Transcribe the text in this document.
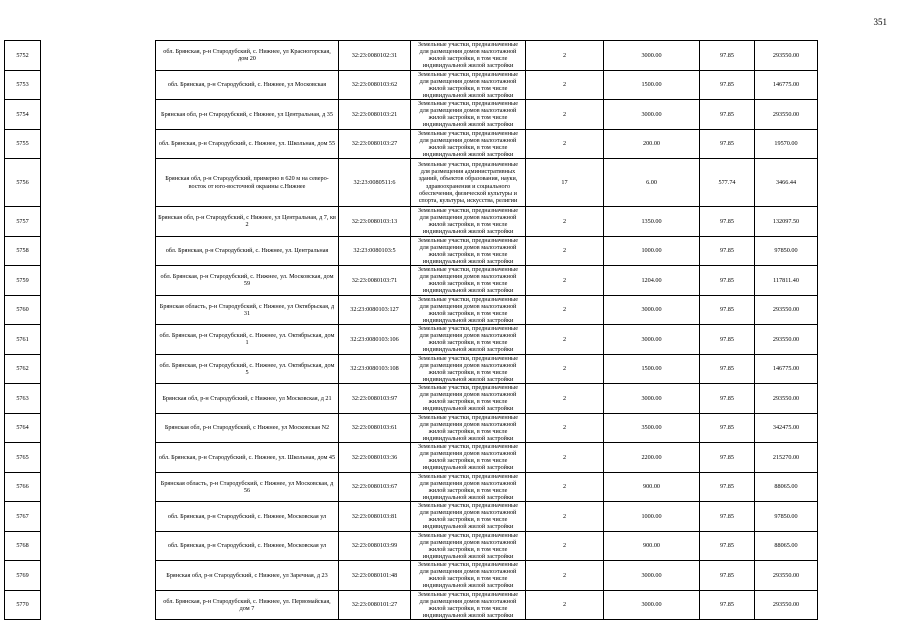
351
5752		обл. Брянская, р-н Стародубский, с. Нижнее, ул Красногорская, дом 20	32:23:0080102:31	Земельные участки, предназначенные для размещения домов малоэтажной жилой застройки, в том числе индивидуальной жилой застройки	2	3000.00	97.85	293550.00
5753		обл. Брянская, р-н Стародубский, с. Нижнее, ул Московская	32:23:0080103:62	Земельные участки, предназначенные для размещения домов малоэтажной жилой застройки, в том числе индивидуальной жилой застройки	2	1500.00	97.85	146775.00
5754		Брянская обл, р-н Стародубский, с Нижнее, ул Центральная, д 35	32:23:0080103:21	Земельные участки, предназначенные для размещения домов малоэтажной жилой застройки, в том числе индивидуальной жилой застройки	2	3000.00	97.85	293550.00
5755		обл. Брянская, р-н Стародубский, с. Нижнее, ул. Школьная, дом 55	32:23:0080103:27	Земельные участки, предназначенные для размещения домов малоэтажной жилой застройки, в том числе индивидуальной жилой застройки	2	200.00	97.85	19570.00
5756		Брянская обл, р-н Стародубский, примерно в 620 м на северо-восток от юго-восточной окраины с.Нижнее	32:23:0080511:6	Земельные участки, предназначенные для размещения административных зданий, объектов образования, науки, здравоохранения и социального обеспечения, физической культуры и спорта, культуры, искусства, религии	17	6.00	577.74	3466.44
5757		Брянская обл, р-н Стародубский, с Нижнее, ул Центральная, д 7, кв 2	32:23:0080103:13	Земельные участки, предназначенные для размещения домов малоэтажной жилой застройки, в том числе индивидуальной жилой застройки	2	1350.00	97.85	132097.50
5758		обл. Брянская, р-н Стародубский, с. Нижнее, ул. Центральная	32:23:0080103:5	Земельные участки, предназначенные для размещения домов малоэтажной жилой застройки, в том числе индивидуальной жилой застройки	2	1000.00	97.85	97850.00
5759		обл. Брянская, р-н Стародубский, с. Нижнее, ул. Московская, дом 59	32:23:0080103:71	Земельные участки, предназначенные для размещения домов малоэтажной жилой застройки, в том числе индивидуальной жилой застройки	2	1204.00	97.85	117811.40
5760		Брянская область, р-н Стародубский, с Нижнее, ул Октябрьская, д 31	32:23:0080103:127	Земельные участки, предназначенные для размещения домов малоэтажной жилой застройки, в том числе индивидуальной жилой застройки	2	3000.00	97.85	293550.00
5761		обл. Брянская, р-н Стародубский, с. Нижнее, ул. Октябрьская, дом 1	32:23:0080103:106	Земельные участки, предназначенные для размещения домов малоэтажной жилой застройки, в том числе индивидуальной жилой застройки	2	3000.00	97.85	293550.00
5762		обл. Брянская, р-н Стародубский, с. Нижнее, ул. Октябрьская, дом 5	32:23:0080103:108	Земельные участки, предназначенные для размещения домов малоэтажной жилой застройки, в том числе индивидуальной жилой застройки	2	1500.00	97.85	146775.00
5763		Брянская обл, р-н Стародубский, с Нижнее, ул Московская, д 21	32:23:0080103:97	Земельные участки, предназначенные для размещения домов малоэтажной жилой застройки, в том числе индивидуальной жилой застройки	2	3000.00	97.85	293550.00
5764		Брянская обл, р-н Стародубский, с Нижнее, ул Московская N2	32:23:0080103:61	Земельные участки, предназначенные для размещения домов малоэтажной жилой застройки, в том числе индивидуальной жилой застройки	2	3500.00	97.85	342475.00
5765		обл. Брянская, р-н Стародубский, с. Нижнее, ул. Школьная, дом 45	32:23:0080103:36	Земельные участки, предназначенные для размещения домов малоэтажной жилой застройки, в том числе индивидуальной жилой застройки	2	2200.00	97.85	215270.00
5766		Брянская область, р-н Стародубский, с Нижнее, ул Московская, д 56	32:23:0080103:67	Земельные участки, предназначенные для размещения домов малоэтажной жилой застройки, в том числе индивидуальной жилой застройки	2	900.00	97.85	88065.00
5767		обл. Брянская, р-н Стародубский, с. Нижнее, Московская ул	32:23:0080103:81	Земельные участки, предназначенные для размещения домов малоэтажной жилой застройки, в том числе индивидуальной жилой застройки	2	1000.00	97.85	97850.00
5768		обл. Брянская, р-н Стародубский, с. Нижнее, Московская ул	32:23:0080103:99	Земельные участки, предназначенные для размещения домов малоэтажной жилой застройки, в том числе индивидуальной жилой застройки	2	900.00	97.85	88065.00
5769		Брянская обл, р-н Стародубский, с Нижнее, ул Заречная, д 23	32:23:0080101:48	Земельные участки, предназначенные для размещения домов малоэтажной жилой застройки, в том числе индивидуальной жилой застройки	2	3000.00	97.85	293550.00
5770		обл. Брянская, р-н Стародубский, с. Нижнее, ул. Первомайская, дом 7	32:23:0080101:27	Земельные участки, предназначенные для размещения домов малоэтажной жилой застройки, в том числе индивидуальной жилой застройки	2	3000.00	97.85	293550.00
